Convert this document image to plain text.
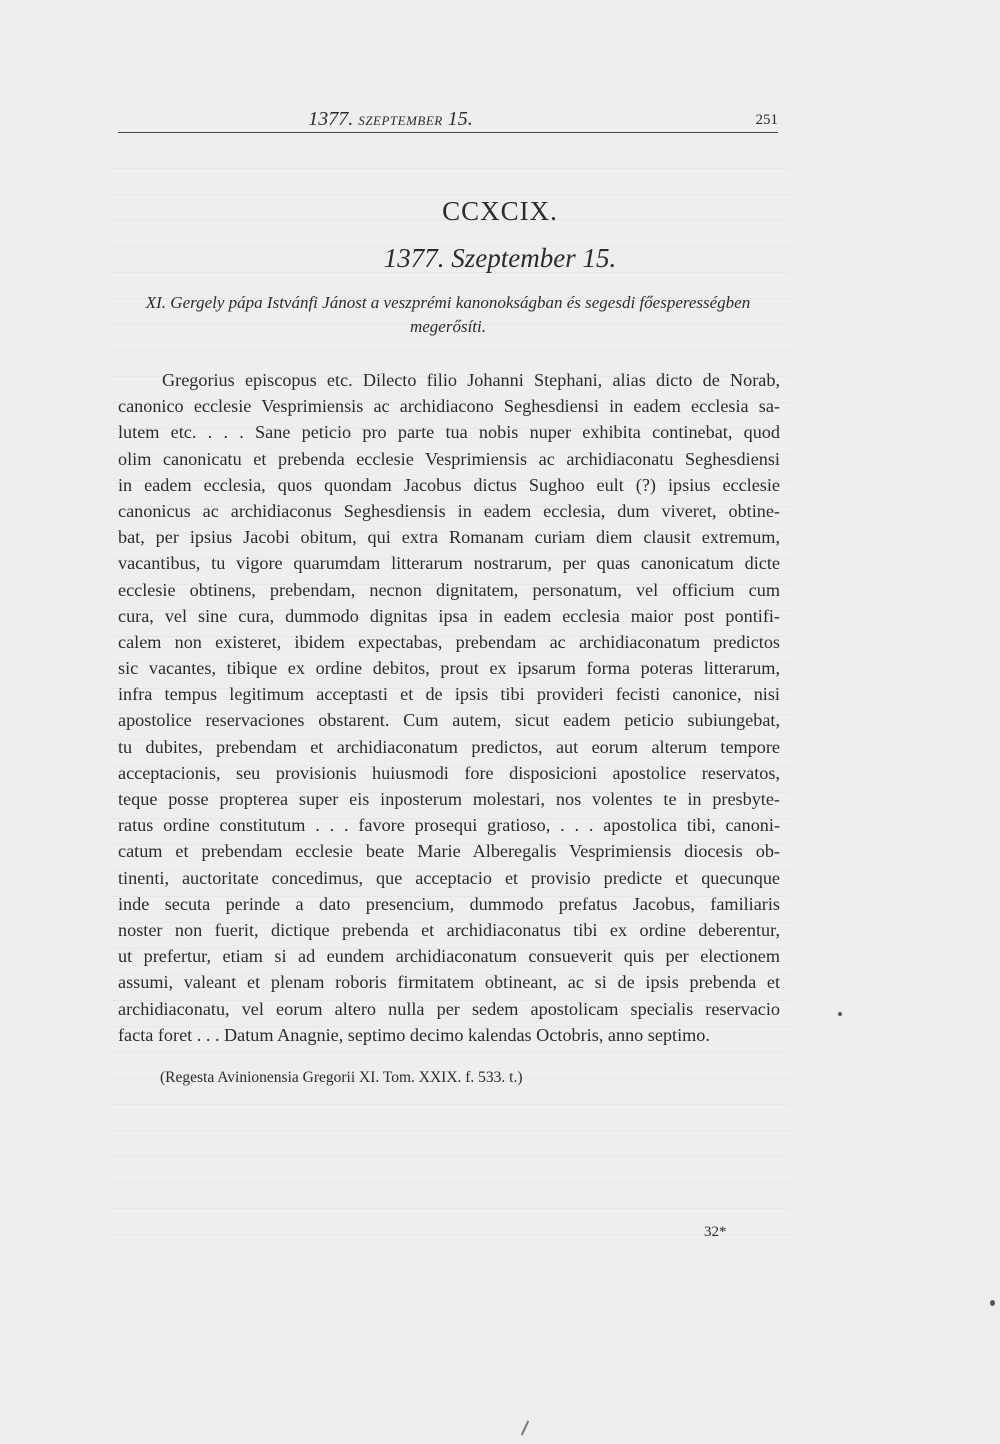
1377. SZEPTEMBER 15.	251
CCXCIX.
1377. Szeptember 15.
XI. Gergely pápa Istvánfi Jánost a veszprémi kanonokságban és segesdi főesperességben megerősíti.
Gregorius episcopus etc. Dilecto filio Johanni Stephani, alias dicto de Norab,
canonico ecclesie Vesprimiensis ac archidiacono Seghesdiensi in eadem ecclesia sa-
lutem etc. . . . Sane peticio pro parte tua nobis nuper exhibita continebat, quod
olim canonicatu et prebenda ecclesie Vesprimiensis ac archidiaconatu Seghesdiensi
in eadem ecclesia, quos quondam Jacobus dictus Sughoo eult (?) ipsius ecclesie
canonicus ac archidiaconus Seghesdiensis in eadem ecclesia, dum viveret, obtine-
bat, per ipsius Jacobi obitum, qui extra Romanam curiam diem clausit extremum,
vacantibus, tu vigore quarumdam litterarum nostrarum, per quas canonicatum dicte
ecclesie obtinens, prebendam, necnon dignitatem, personatum, vel officium cum
cura, vel sine cura, dummodo dignitas ipsa in eadem ecclesia maior post pontifi-
calem non existeret, ibidem expectabas, prebendam ac archidiaconatum predictos
sic vacantes, tibique ex ordine debitos, prout ex ipsarum forma poteras litterarum,
infra tempus legitimum acceptasti et de ipsis tibi provideri fecisti canonice, nisi
apostolice reservaciones obstarent. Cum autem, sicut eadem peticio subiungebat,
tu dubites, prebendam et archidiaconatum predictos, aut eorum alterum tempore
acceptacionis, seu provisionis huiusmodi fore disposicioni apostolice reservatos,
teque posse propterea super eis inposterum molestari, nos volentes te in presbyte-
ratus ordine constitutum . . . favore prosequi gratioso, . . . apostolica tibi, canoni-
catum et prebendam ecclesie beate Marie Alberegalis Vesprimiensis diocesis ob-
tinenti, auctoritate concedimus, que acceptacio et provisio predicte et quecunque
inde secuta perinde a dato presencium, dummodo prefatus Jacobus, familiaris
noster non fuerit, dictique prebenda et archidiaconatus tibi ex ordine deberentur,
ut prefertur, etiam si ad eundem archidiaconatum consueverit quis per electionem
assumi, valeant et plenam roboris firmitatem obtineant, ac si de ipsis prebenda et
archidiaconatu, vel eorum altero nulla per sedem apostolicam specialis reservacio
facta foret . . . Datum Anagnie, septimo decimo kalendas Octobris, anno septimo.
(Regesta Avinionensia Gregorii XI. Tom. XXIX. f. 533. t.)
32*
